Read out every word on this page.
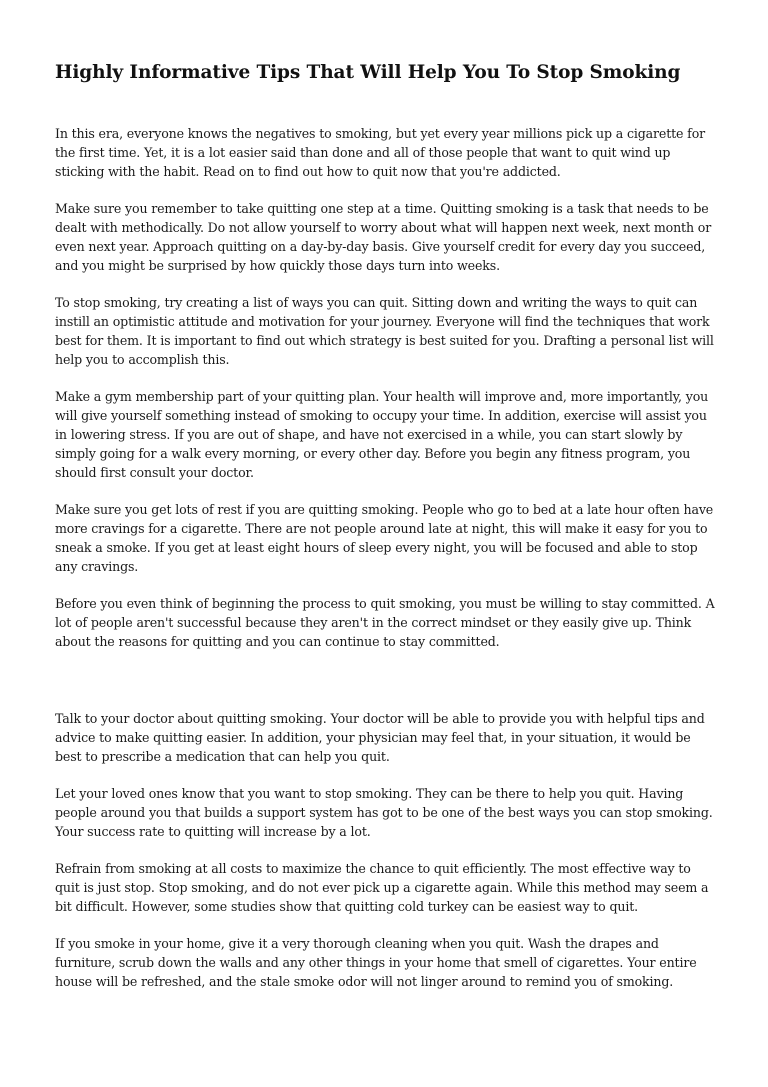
Highly Informative Tips That Will Help You To Stop Smoking

In this era, everyone knows the negatives to smoking, but yet every year millions pick up a cigarette for the first time. Yet, it is a lot easier said than done and all of those people that want to quit wind up sticking with the habit. Read on to find out how to quit now that you're addicted.

Make sure you remember to take quitting one step at a time. Quitting smoking is a task that needs to be dealt with methodically. Do not allow yourself to worry about what will happen next week, next month or even next year. Approach quitting on a day-by-day basis. Give yourself credit for every day you succeed, and you might be surprised by how quickly those days turn into weeks.

To stop smoking, try creating a list of ways you can quit. Sitting down and writing the ways to quit can instill an optimistic attitude and motivation for your journey. Everyone will find the techniques that work best for them. It is important to find out which strategy is best suited for you. Drafting a personal list will help you to accomplish this.

Make a gym membership part of your quitting plan. Your health will improve and, more importantly, you will give yourself something instead of smoking to occupy your time. In addition, exercise will assist you in lowering stress. If you are out of shape, and have not exercised in a while, you can start slowly by simply going for a walk every morning, or every other day. Before you begin any fitness program, you should first consult your doctor.

Make sure you get lots of rest if you are quitting smoking. People who go to bed at a late hour often have more cravings for a cigarette. There are not people around late at night, this will make it easy for you to sneak a smoke. If you get at least eight hours of sleep every night, you will be focused and able to stop any cravings.

Before you even think of beginning the process to quit smoking, you must be willing to stay committed. A lot of people aren't successful because they aren't in the correct mindset or they easily give up. Think about the reasons for quitting and you can continue to stay committed.

Talk to your doctor about quitting smoking. Your doctor will be able to provide you with helpful tips and advice to make quitting easier. In addition, your physician may feel that, in your situation, it would be best to prescribe a medication that can help you quit.

Let your loved ones know that you want to stop smoking. They can be there to help you quit. Having people around you that builds a support system has got to be one of the best ways you can stop smoking. Your success rate to quitting will increase by a lot.

Refrain from smoking at all costs to maximize the chance to quit efficiently. The most effective way to quit is just stop. Stop smoking, and do not ever pick up a cigarette again. While this method may seem a bit difficult. However, some studies show that quitting cold turkey can be easiest way to quit.

If you smoke in your home, give it a very thorough cleaning when you quit. Wash the drapes and furniture, scrub down the walls and any other things in your home that smell of cigarettes. Your entire house will be refreshed, and the stale smoke odor will not linger around to remind you of smoking.
